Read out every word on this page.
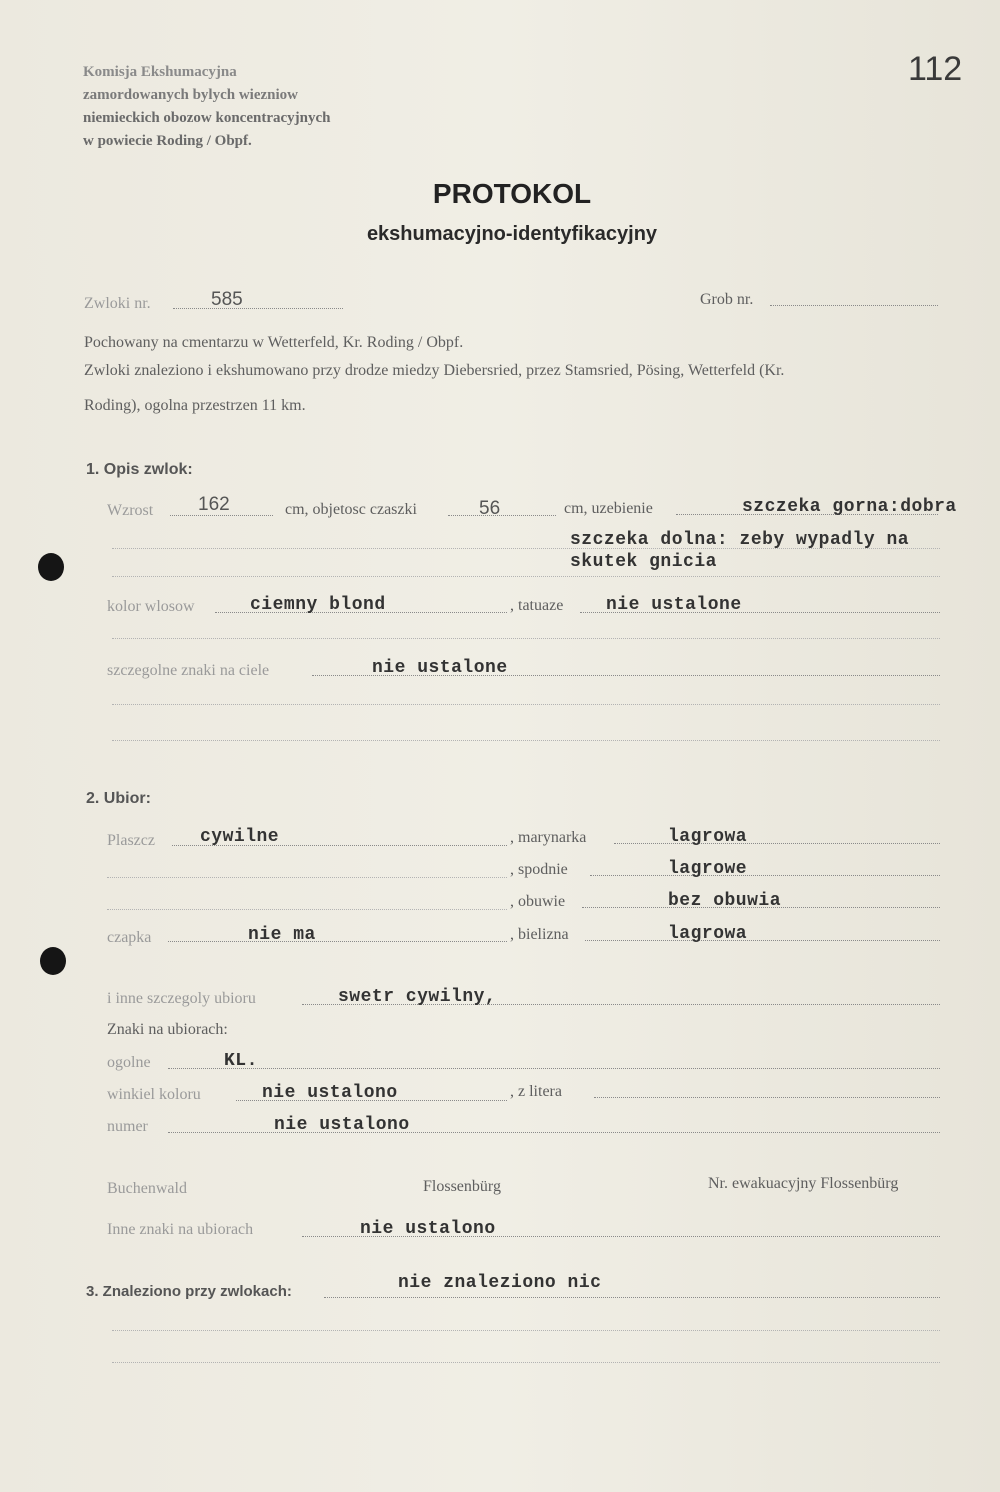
112
Komisja Ekshumacyjna
zamordowanych bylych wiezniow
niemieckich obozow koncentracyjnych
w powiecie Roding / Obpf.
PROTOKOL
ekshumacyjno-identyfikacyjny
Zwloki nr.	585	Grob nr.
Pochowany na cmentarzu w Wetterfeld, Kr. Roding / Obpf.
Zwloki znaleziono i ekshumowano przy drodze miedzy Diebersried, przez Stamsried, Pösing, Wetterfeld (Kr.
Roding), ogolna przestrzen 11 km.
1. Opis zwlok:
Wzrost 162	cm, objetosc czaszki	56	cm, uzebienie	szczeka gorna:dobra
szczeka dolna: zeby wypadly na
skutek gnicia
kolor wlosow	ciemny blond	, tatuaze nie ustalone
szczegolne znaki na ciele	nie ustalone
2. Ubior:
Plaszcz	cywilne	, marynarka	lagrowa
, spodnie	lagrowe
, obuwie	bez obuwia
czapka	nie ma	, bielizna	lagrowa
i inne szczegoly ubioru	swetr cywilny,
Znaki na ubiorach:
ogolne	KL.
winkiel koloru	nie ustalono	, z litera
numer	nie ustalono
Buchenwald	Flossenbürg	Nr. ewakuacyjny Flossenbürg
Inne znaki na ubiorach	nie ustalono
3. Znaleziono przy zwlokach:	nie znaleziono nic
